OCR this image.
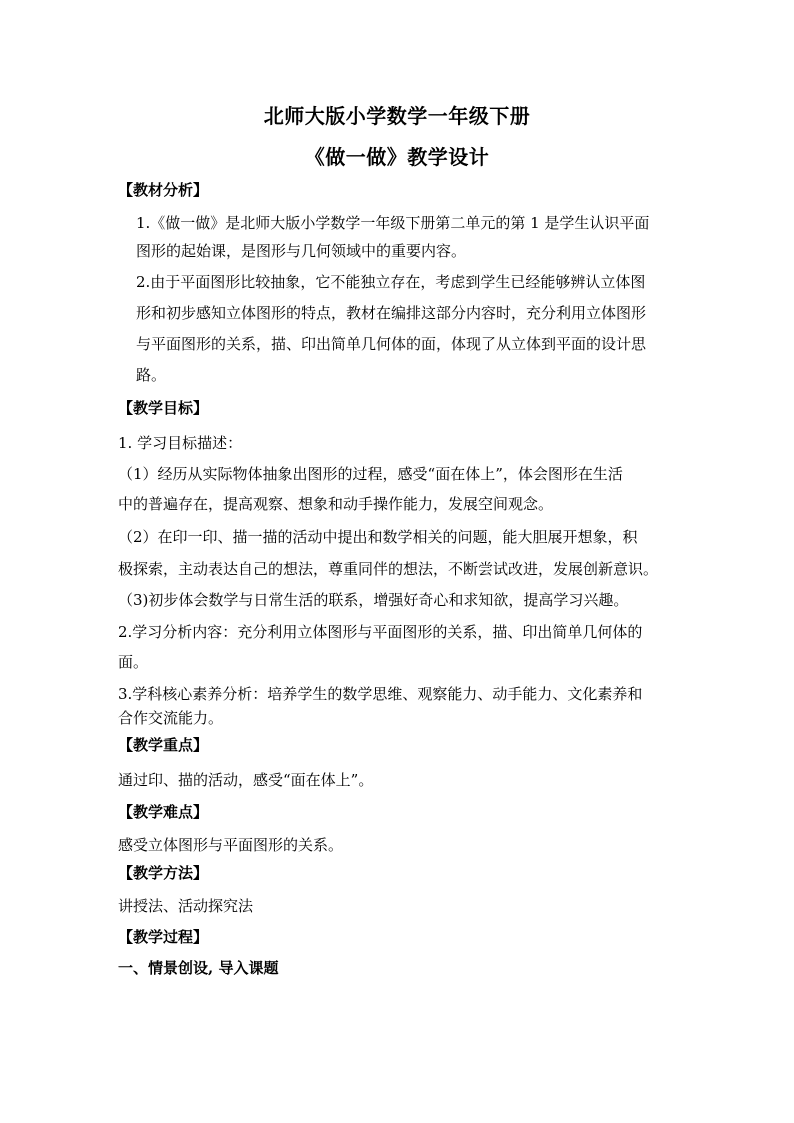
北师大版小学数学一年级下册
《做一做》教学设计
【教材分析】
1.《做一做》是北师大版小学数学一年级下册第二单元的第 1 是学生认识平面
图形的起始课，是图形与几何领域中的重要内容。
2.由于平面图形比较抽象，它不能独立存在，考虑到学生已经能够辨认立体图
形和初步感知立体图形的特点，教材在编排这部分内容时，充分利用立体图形
与平面图形的关系，描、印出简单几何体的面，体现了从立体到平面的设计思
路。
【教学目标】
1. 学习目标描述：
（1）经历从实际物体抽象出图形的过程，感受“面在体上”，体会图形在生活
中的普遍存在，提高观察、想象和动手操作能力，发展空间观念。
（2）在印一印、描一描的活动中提出和数学相关的问题，能大胆展开想象，积
极探索，主动表达自己的想法，尊重同伴的想法，不断尝试改进，发展创新意识。
（3)初步体会数学与日常生活的联系，增强好奇心和求知欲，提高学习兴趣。
2.学习分析内容：充分利用立体图形与平面图形的关系，描、印出简单几何体的
面。
3.学科核心素养分析：培养学生的数学思维、观察能力、动手能力、文化素养和
合作交流能力。
【教学重点】
通过印、描的活动，感受“面在体上”。
【教学难点】
感受立体图形与平面图形的关系。
【教学方法】
讲授法、活动探究法
【教学过程】
一、情景创设, 导入课题
